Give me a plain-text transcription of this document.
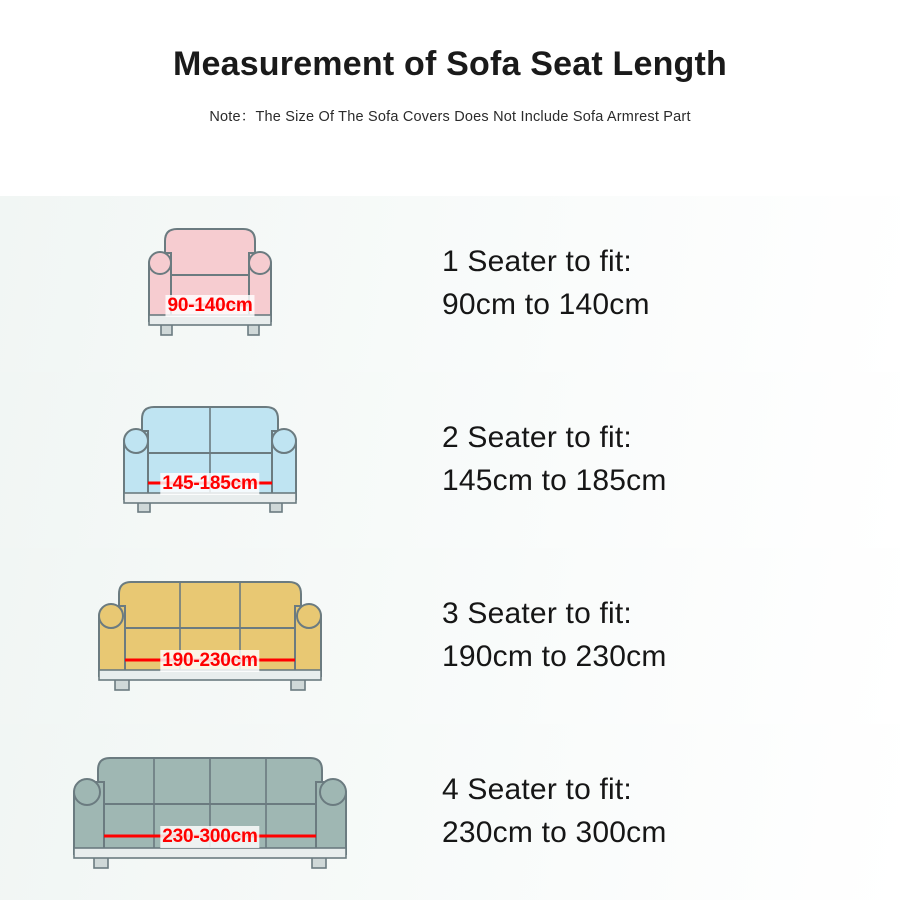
Measurement of Sofa Seat Length
Note：The Size Of The Sofa Covers Does Not Include Sofa Armrest Part
90-140cm
1 Seater to fit:
90cm to 140cm
145-185cm
2 Seater to fit:
145cm to 185cm
190-230cm
3 Seater to fit:
190cm to 230cm
230-300cm
4 Seater to fit:
230cm to 300cm
